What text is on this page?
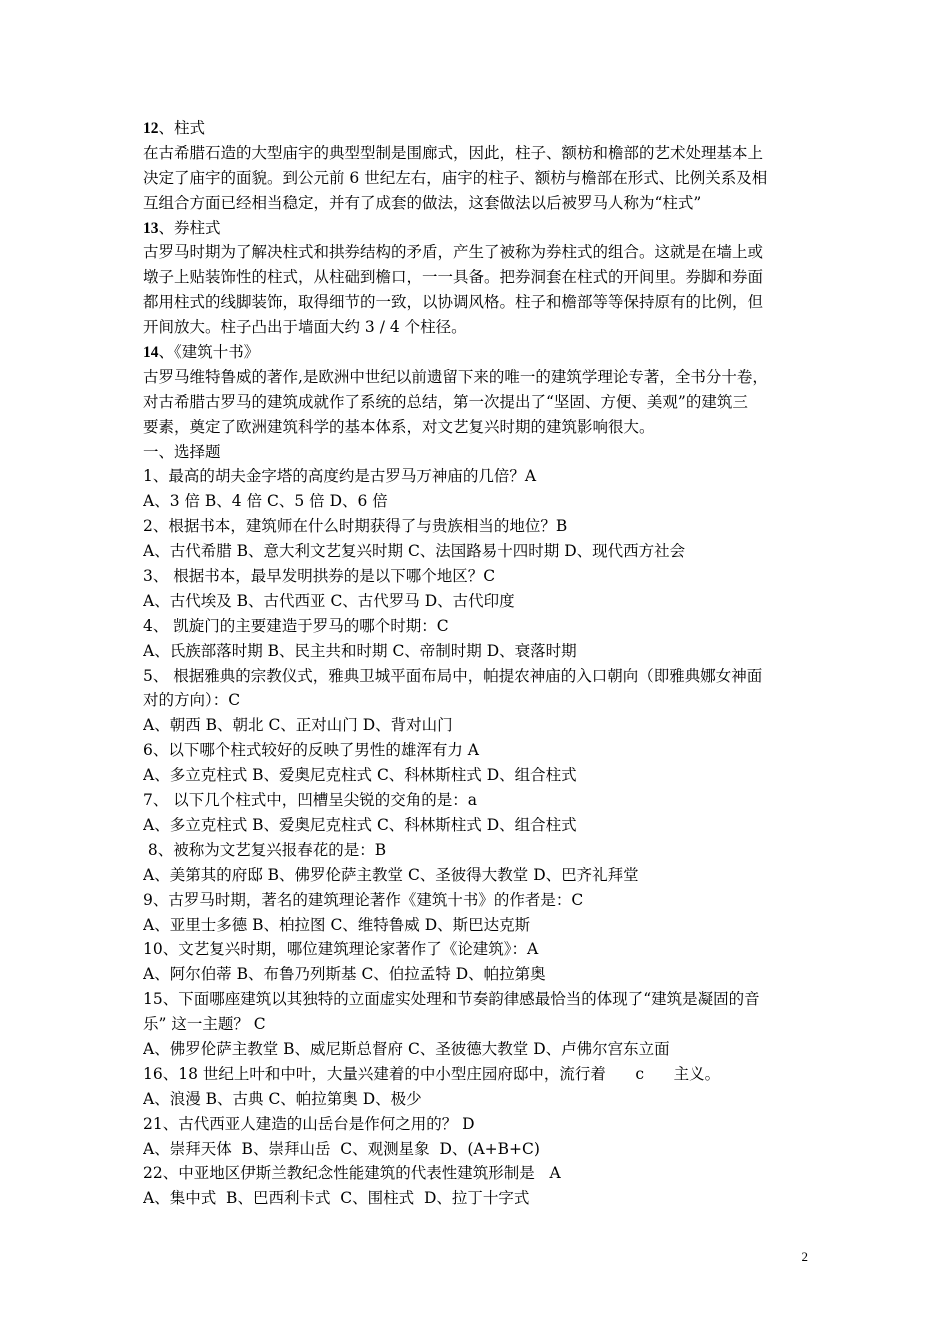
12、柱式
在古希腊石造的大型庙宇的典型型制是围廊式，因此，柱子、额枋和檐部的艺术处理基本上
决定了庙宇的面貌。到公元前 6 世纪左右，庙宇的柱子、额枋与檐部在形式、比例关系及相
互组合方面已经相当稳定，并有了成套的做法，这套做法以后被罗马人称为“柱式”
13、券柱式
古罗马时期为了解决柱式和拱券结构的矛盾，产生了被称为券柱式的组合。这就是在墙上或
墩子上贴装饰性的柱式，从柱础到檐口，一一具备。把券洞套在柱式的开间里。券脚和券面
都用柱式的线脚装饰，取得细节的一致，以协调风格。柱子和檐部等等保持原有的比例，但
开间放大。柱子凸出于墙面大约 3 / 4 个柱径。
14、《建筑十书》
古罗马维特鲁威的著作,是欧洲中世纪以前遗留下来的唯一的建筑学理论专著，全书分十卷，
对古希腊古罗马的建筑成就作了系统的总结，第一次提出了“坚固、方便、美观”的建筑三
要素，奠定了欧洲建筑科学的基本体系，对文艺复兴时期的建筑影响很大。
一、选择题
1、最高的胡夫金字塔的高度约是古罗马万神庙的几倍？A
A、3 倍 B、4 倍 C、5 倍 D、6 倍
2、根据书本，建筑师在什么时期获得了与贵族相当的地位？B
A、古代希腊 B、意大利文艺复兴时期 C、法国路易十四时期 D、现代西方社会
3、 根据书本，最早发明拱券的是以下哪个地区？C
A、古代埃及 B、古代西亚 C、古代罗马 D、古代印度
4、 凯旋门的主要建造于罗马的哪个时期：C
A、氏族部落时期 B、民主共和时期 C、帝制时期 D、衰落时期
5、 根据雅典的宗教仪式，雅典卫城平面布局中，帕提农神庙的入口朝向（即雅典娜女神面
对的方向）：C
A、朝西 B、朝北 C、正对山门 D、背对山门
6、以下哪个柱式较好的反映了男性的雄浑有力 A
A、多立克柱式 B、爱奥尼克柱式 C、科林斯柱式 D、组合柱式
7、 以下几个柱式中，凹槽呈尖锐的交角的是：a
A、多立克柱式 B、爱奥尼克柱式 C、科林斯柱式 D、组合柱式
8、被称为文艺复兴报春花的是：B
A、美第其的府邸 B、佛罗伦萨主教堂 C、圣彼得大教堂 D、巴齐礼拜堂
9、古罗马时期，著名的建筑理论著作《建筑十书》的作者是：C
A、亚里士多德 B、柏拉图 C、维特鲁威 D、斯巴达克斯
10、文艺复兴时期，哪位建筑理论家著作了《论建筑》：A
A、阿尔伯蒂 B、布鲁乃列斯基 C、伯拉孟特 D、帕拉第奥
15、下面哪座建筑以其独特的立面虚实处理和节奏韵律感最恰当的体现了“建筑是凝固的音
乐” 这一主题？ C
A、佛罗伦萨主教堂 B、威尼斯总督府 C、圣彼德大教堂 D、卢佛尔宫东立面
16、18 世纪上叶和中叶，大量兴建着的中小型庄园府邸中，流行着      c      主义。
A、浪漫 B、古典 C、帕拉第奥 D、极少
21、古代西亚人建造的山岳台是作何之用的？ D
A、崇拜天体  B、崇拜山岳  C、观测星象  D、(A+B+C)
22、中亚地区伊斯兰教纪念性能建筑的代表性建筑形制是   A
A、集中式  B、巴西利卡式  C、围柱式  D、拉丁十字式
2
